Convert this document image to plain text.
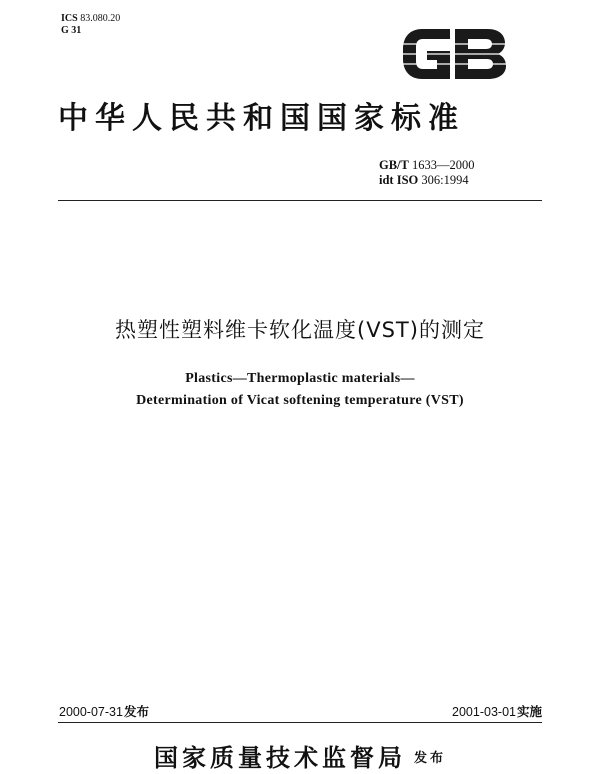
ICS 83.080.20
G 31
中华人民共和国国家标准
GB/T 1633—2000
idt ISO 306:1994
热塑性塑料维卡软化温度(VST)的测定
Plastics—Thermoplastic materials—
Determination of Vicat softening temperature (VST)
2000-07-31发布	2001-03-01实施
国家质量技术监督局 $^{发布}$
